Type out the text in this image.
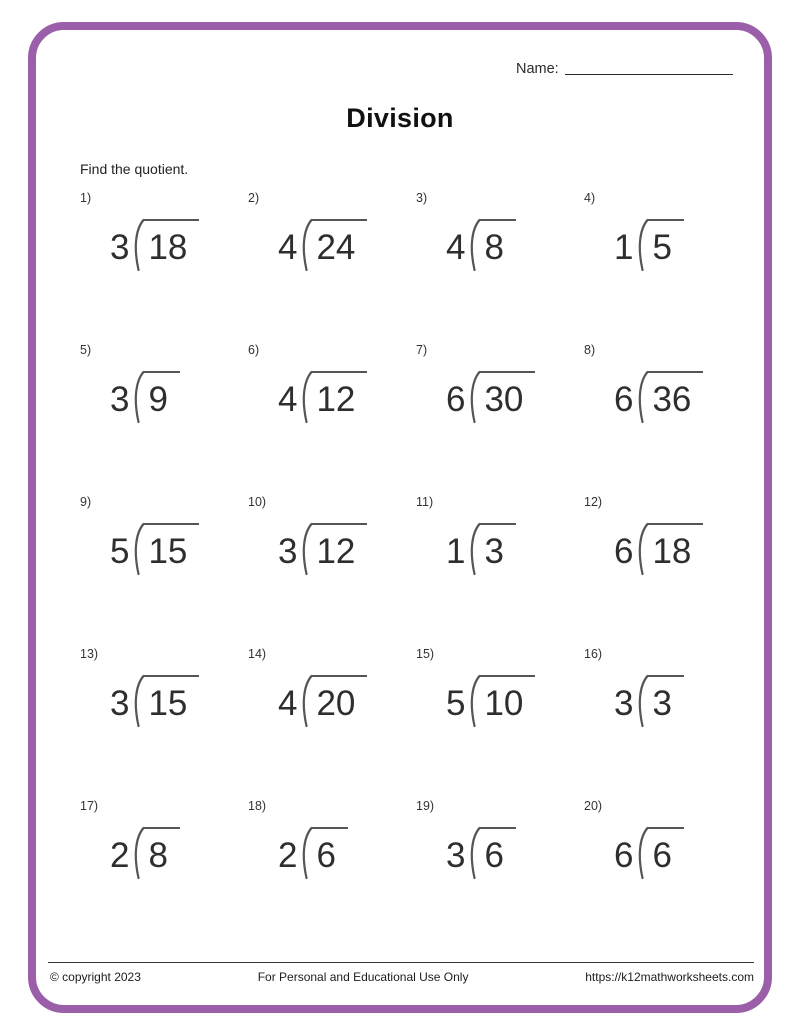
Name:
Division
Find the quotient.
1)
3 18
2)
4 24
3)
4 8
4)
1 5
5)
3 9
6)
4 12
7)
6 30
8)
6 36
9)
5 15
10)
3 12
11)
1 3
12)
6 18
13)
3 15
14)
4 20
15)
5 10
16)
3 3
17)
2 8
18)
2 6
19)
3 6
20)
6 6
© copyright 2023	For Personal and Educational Use Only	https://k12mathworksheets.com
